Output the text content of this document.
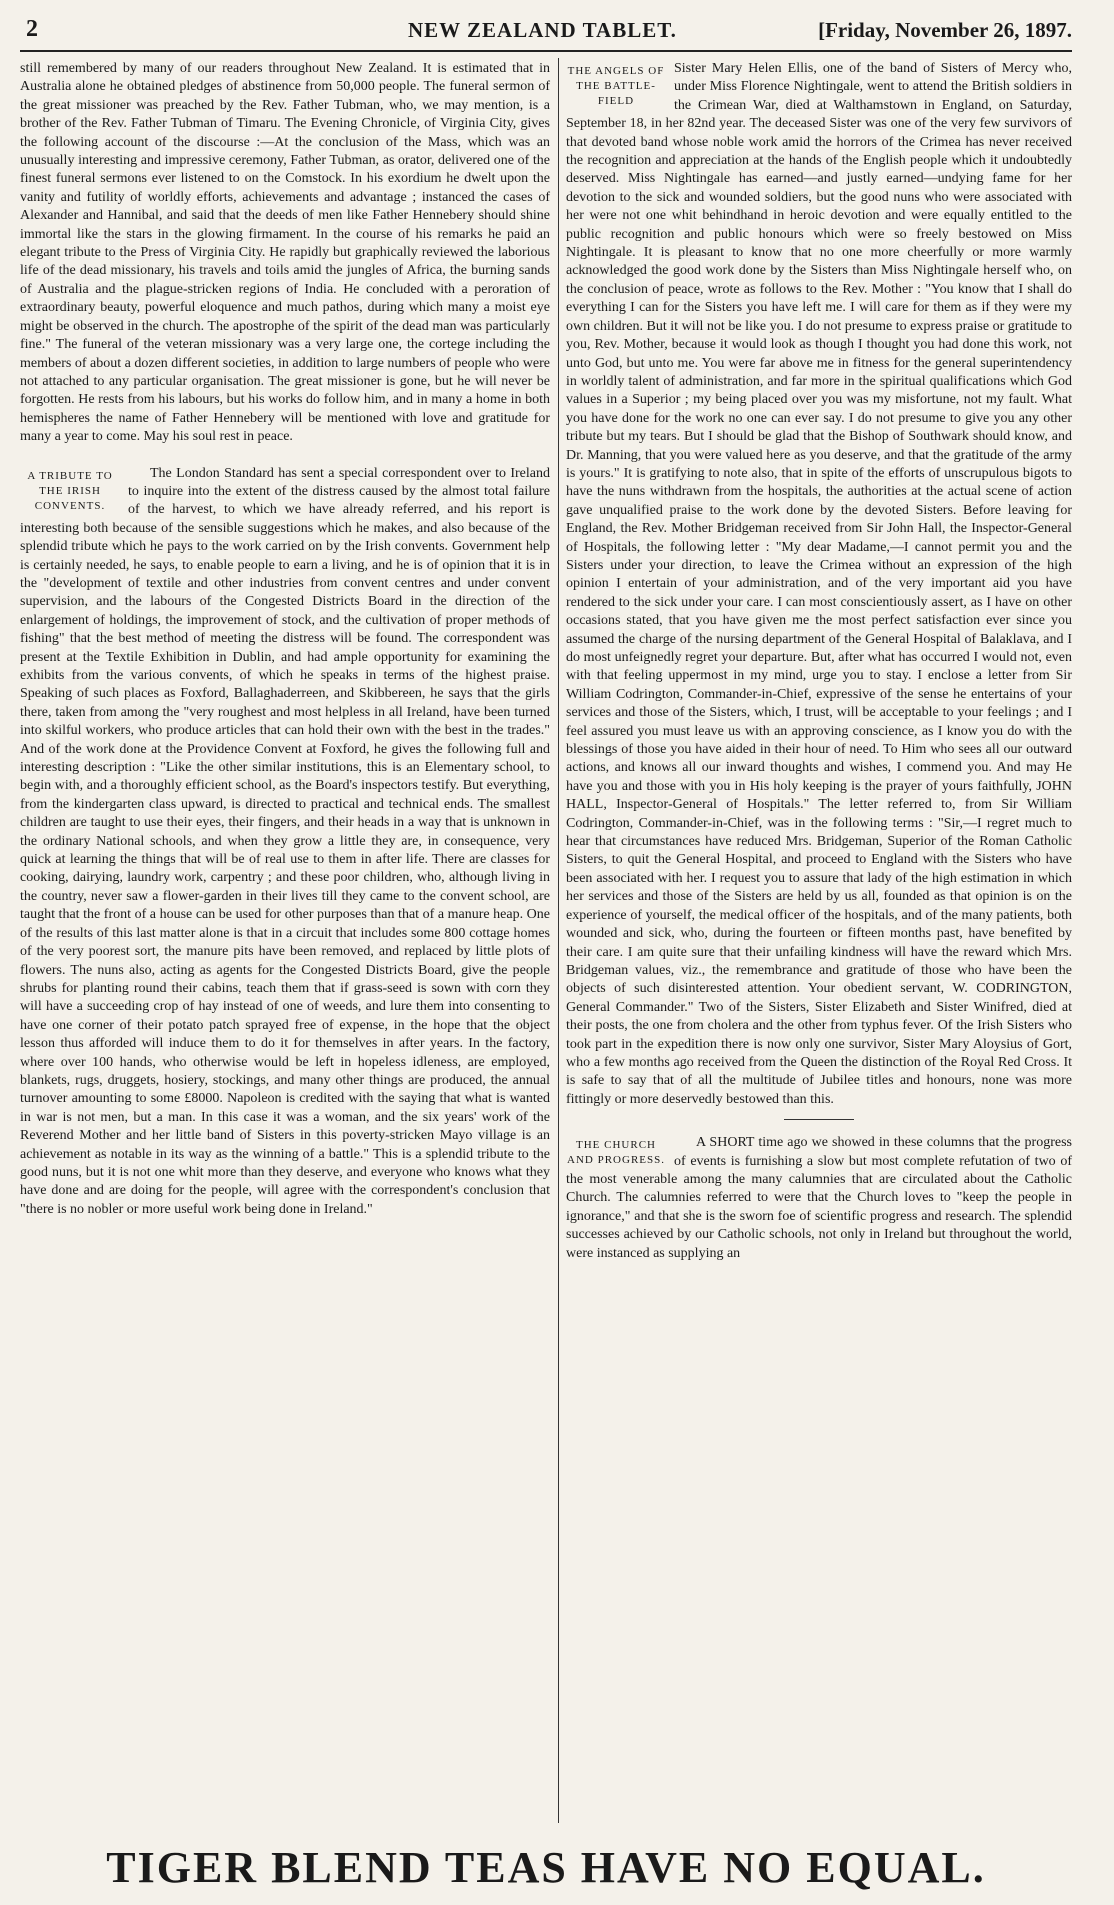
2	NEW ZEALAND TABLET.	[Friday, November 26, 1897.

still remembered by many of our readers throughout New Zealand. It is estimated that in Australia alone he obtained pledges of abstinence from 50,000 people. The funeral sermon of the great missioner was preached by the Rev. Father Tubman, who, we may mention, is a brother of the Rev. Father Tubman of Timaru. The Evening Chronicle, of Virginia City, gives the following account of the discourse :—At the conclusion of the Mass, which was an unusually interesting and impressive ceremony, Father Tubman, as orator, delivered one of the finest funeral sermons ever listened to on the Comstock. In his exordium he dwelt upon the vanity and futility of worldly efforts, achievements and advantage ; instanced the cases of Alexander and Hannibal, and said that the deeds of men like Father Hennebery should shine immortal like the stars in the glowing firmament. In the course of his remarks he paid an elegant tribute to the Press of Virginia City. He rapidly but graphically reviewed the laborious life of the dead missionary, his travels and toils amid the jungles of Africa, the burning sands of Australia and the plague-stricken regions of India. He concluded with a peroration of extraordinary beauty, powerful eloquence and much pathos, during which many a moist eye might be observed in the church. The apostrophe of the spirit of the dead man was particularly fine." The funeral of the veteran missionary was a very large one, the cortege including the members of about a dozen different societies, in addition to large numbers of people who were not attached to any particular organisation. The great missioner is gone, but he will never be forgotten. He rests from his labours, but his works do follow him, and in many a home in both hemispheres the name of Father Hennebery will be mentioned with love and gratitude for many a year to come. May his soul rest in peace.

A TRIBUTE TO THE IRISH CONVENTS.

The London Standard has sent a special correspondent over to Ireland to inquire into the extent of the distress caused by the almost total failure of the harvest, to which we have already referred, and his report is interesting both because of the sensible suggestions which he makes, and also because of the splendid tribute which he pays to the work carried on by the Irish convents. Government help is certainly needed, he says, to enable people to earn a living, and he is of opinion that it is in the "development of textile and other industries from convent centres and under convent supervision, and the labours of the Congested Districts Board in the direction of the enlargement of holdings, the improvement of stock, and the cultivation of proper methods of fishing" that the best method of meeting the distress will be found. The correspondent was present at the Textile Exhibition in Dublin, and had ample opportunity for examining the exhibits from the various convents, of which he speaks in terms of the highest praise. Speaking of such places as Foxford, Ballaghaderreen, and Skibbereen, he says that the girls there, taken from among the "very roughest and most helpless in all Ireland, have been turned into skilful workers, who produce articles that can hold their own with the best in the trades." And of the work done at the Providence Convent at Foxford, he gives the following full and interesting description : "Like the other similar institutions, this is an Elementary school, to begin with, and a thoroughly efficient school, as the Board's inspectors testify. But everything, from the kindergarten class upward, is directed to practical and technical ends. The smallest children are taught to use their eyes, their fingers, and their heads in a way that is unknown in the ordinary National schools, and when they grow a little they are, in consequence, very quick at learning the things that will be of real use to them in after life. There are classes for cooking, dairying, laundry work, carpentry ; and these poor children, who, although living in the country, never saw a flower-garden in their lives till they came to the convent school, are taught that the front of a house can be used for other purposes than that of a manure heap. One of the results of this last matter alone is that in a circuit that includes some 800 cottage homes of the very poorest sort, the manure pits have been removed, and replaced by little plots of flowers. The nuns also, acting as agents for the Congested Districts Board, give the people shrubs for planting round their cabins, teach them that if grass-seed is sown with corn they will have a succeeding crop of hay instead of one of weeds, and lure them into consenting to have one corner of their potato patch sprayed free of expense, in the hope that the object lesson thus afforded will induce them to do it for themselves in after years. In the factory, where over 100 hands, who otherwise would be left in hopeless idleness, are employed, blankets, rugs, druggets, hosiery, stockings, and many other things are produced, the annual turnover amounting to some £8000. Napoleon is credited with the saying that what is wanted in war is not men, but a man. In this case it was a woman, and the six years' work of the Reverend Mother and her little band of Sisters in this poverty-stricken Mayo village is an achievement as notable in its way as the winning of a battle." This is a splendid tribute to the good nuns, but it is not one whit more than they deserve, and everyone who knows what they have done and are doing for the people, will agree with the correspondent's conclusion that "there is no nobler or more useful work being done in Ireland."

THE ANGELS OF THE BATTLE-FIELD

Sister Mary Helen Ellis, one of the band of Sisters of Mercy who, under Miss Florence Nightingale, went to attend the British soldiers in the Crimean War, died at Walthamstown in England, on Saturday, September 18, in her 82nd year. The deceased Sister was one of the very few survivors of that devoted band whose noble work amid the horrors of the Crimea has never received the recognition and appreciation at the hands of the English people which it undoubtedly deserved. Miss Nightingale has earned—and justly earned—undying fame for her devotion to the sick and wounded soldiers, but the good nuns who were associated with her were not one whit behindhand in heroic devotion and were equally entitled to the public recognition and public honours which were so freely bestowed on Miss Nightingale. It is pleasant to know that no one more cheerfully or more warmly acknowledged the good work done by the Sisters than Miss Nightingale herself who, on the conclusion of peace, wrote as follows to the Rev. Mother : "You know that I shall do everything I can for the Sisters you have left me. I will care for them as if they were my own children. But it will not be like you. I do not presume to express praise or gratitude to you, Rev. Mother, because it would look as though I thought you had done this work, not unto God, but unto me. You were far above me in fitness for the general superintendency in worldly talent of administration, and far more in the spiritual qualifications which God values in a Superior ; my being placed over you was my misfortune, not my fault. What you have done for the work no one can ever say. I do not presume to give you any other tribute but my tears. But I should be glad that the Bishop of Southwark should know, and Dr. Manning, that you were valued here as you deserve, and that the gratitude of the army is yours." It is gratifying to note also, that in spite of the efforts of unscrupulous bigots to have the nuns withdrawn from the hospitals, the authorities at the actual scene of action gave unqualified praise to the work done by the devoted Sisters. Before leaving for England, the Rev. Mother Bridgeman received from Sir John Hall, the Inspector-General of Hospitals, the following letter : "My dear Madame,—I cannot permit you and the Sisters under your direction, to leave the Crimea without an expression of the high opinion I entertain of your administration, and of the very important aid you have rendered to the sick under your care. I can most conscientiously assert, as I have on other occasions stated, that you have given me the most perfect satisfaction ever since you assumed the charge of the nursing department of the General Hospital of Balaklava, and I do most unfeignedly regret your departure. But, after what has occurred I would not, even with that feeling uppermost in my mind, urge you to stay. I enclose a letter from Sir William Codrington, Commander-in-Chief, expressive of the sense he entertains of your services and those of the Sisters, which, I trust, will be acceptable to your feelings ; and I feel assured you must leave us with an approving conscience, as I know you do with the blessings of those you have aided in their hour of need. To Him who sees all our outward actions, and knows all our inward thoughts and wishes, I commend you. And may He have you and those with you in His holy keeping is the prayer of yours faithfully, JOHN HALL, Inspector-General of Hospitals." The letter referred to, from Sir William Codrington, Commander-in-Chief, was in the following terms : "Sir,—I regret much to hear that circumstances have reduced Mrs. Bridgeman, Superior of the Roman Catholic Sisters, to quit the General Hospital, and proceed to England with the Sisters who have been associated with her. I request you to assure that lady of the high estimation in which her services and those of the Sisters are held by us all, founded as that opinion is on the experience of yourself, the medical officer of the hospitals, and of the many patients, both wounded and sick, who, during the fourteen or fifteen months past, have benefited by their care. I am quite sure that their unfailing kindness will have the reward which Mrs. Bridgeman values, viz., the remembrance and gratitude of those who have been the objects of such disinterested attention. Your obedient servant, W. CODRINGTON, General Commander." Two of the Sisters, Sister Elizabeth and Sister Winifred, died at their posts, the one from cholera and the other from typhus fever. Of the Irish Sisters who took part in the expedition there is now only one survivor, Sister Mary Aloysius of Gort, who a few months ago received from the Queen the distinction of the Royal Red Cross. It is safe to say that of all the multitude of Jubilee titles and honours, none was more fittingly or more deservedly bestowed than this.

THE CHURCH AND PROGRESS.

A SHORT time ago we showed in these columns that the progress of events is furnishing a slow but most complete refutation of two of the most venerable among the many calumnies that are circulated about the Catholic Church. The calumnies referred to were that the Church loves to "keep the people in ignorance," and that she is the sworn foe of scientific progress and research. The splendid successes achieved by our Catholic schools, not only in Ireland but throughout the world, were instanced as supplying an

TIGER BLEND TEAS HAVE NO EQUAL.
